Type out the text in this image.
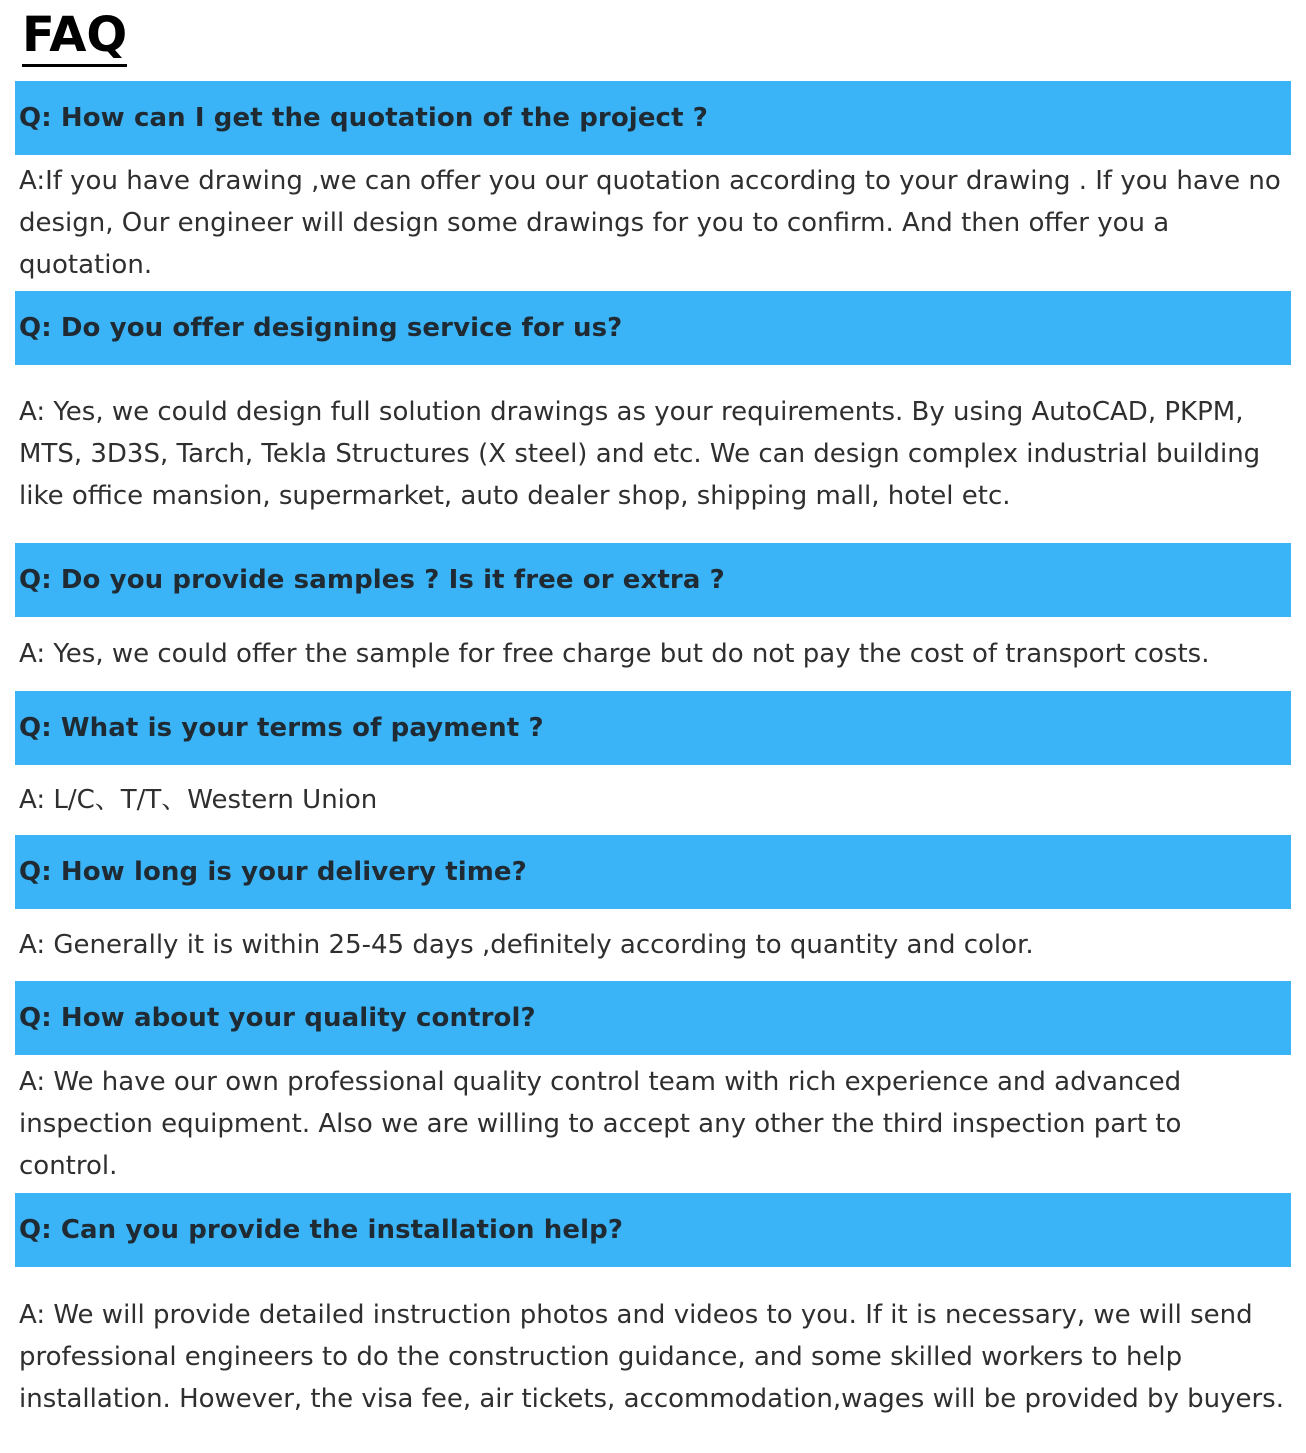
FAQ
Q: How can I get the quotation of the project ?
A:If you have drawing ,we can offer you our quotation according to your drawing . If you have no design, Our engineer will design some drawings for you to confirm. And then offer you a quotation.
Q: Do you offer designing service for us?
A: Yes, we could design full solution drawings as your requirements. By using AutoCAD, PKPM, MTS, 3D3S, Tarch, Tekla Structures (X steel) and etc. We can design complex industrial building like office mansion, supermarket, auto dealer shop, shipping mall, hotel etc.
Q: Do you provide samples ? Is it free or extra ?
A: Yes, we could offer the sample for free charge but do not pay the cost of transport costs.
Q: What is your terms of payment ?
A: L/C、T/T、Western Union
Q: How long is your delivery time?
A: Generally it is within 25-45 days ,definitely according to quantity and color.
Q: How about your quality control?
A: We have our own professional quality control team with rich experience and advanced inspection equipment. Also we are willing to accept any other the third inspection part to control.
Q: Can you provide the installation help?
A: We will provide detailed instruction photos and videos to you. If it is necessary, we will send professional engineers to do the construction guidance, and some skilled workers to help installation. However, the visa fee, air tickets, accommodation,wages will be provided by buyers.
